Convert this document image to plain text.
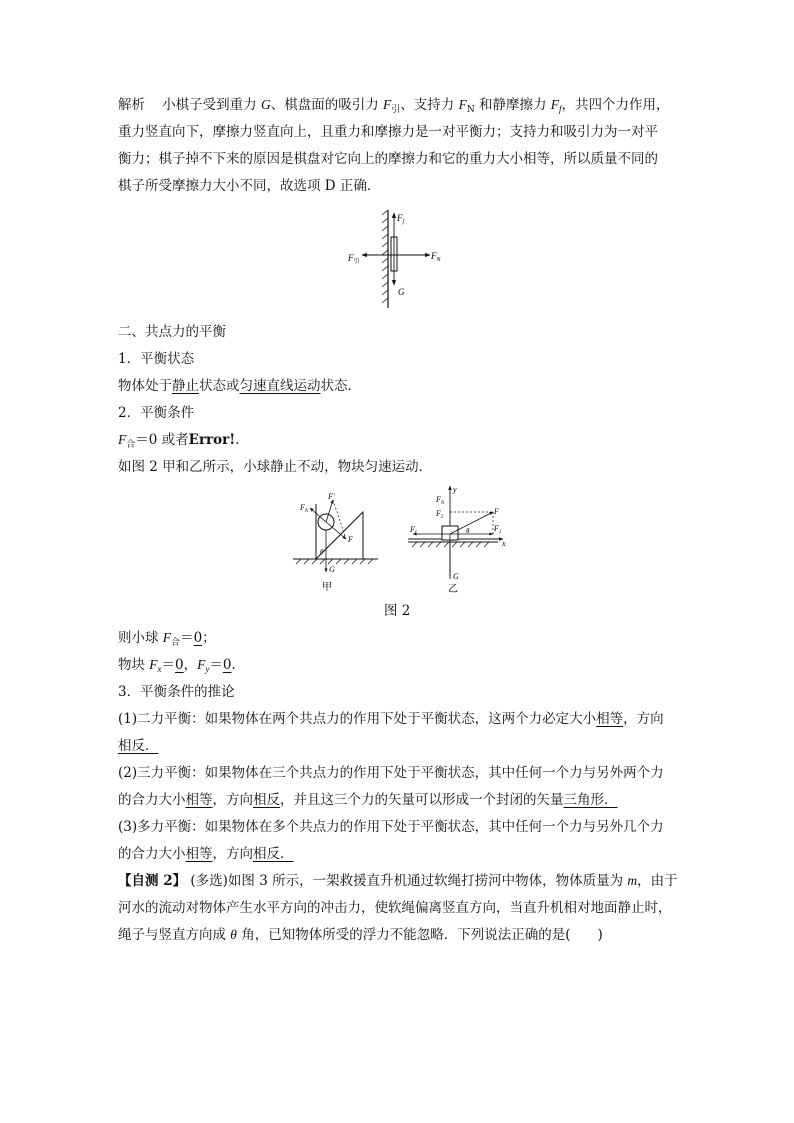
解析 小棋子受到重力 G、棋盘面的吸引力 $F_引$、支持力 $F_N$ 和静摩擦力 $F_f$，共四个力作用，
重力竖直向下，摩擦力竖直向上，且重力和摩擦力是一对平衡力；支持力和吸引力为一对平
衡力；棋子掉不下来的原因是棋盘对它向上的摩擦力和它的重力大小相等，所以质量不同的
棋子所受摩擦力大小不同，故选项 D 正确．
$F_f$
$F_N$
$F_引$
G
二、共点力的平衡
1．平衡状态
物体处于静止状态或匀速直线运动状态．
2．平衡条件
$F_合=0$ 或者Error!．
如图 2 甲和乙所示，小球静止不动，物块匀速运动．
$F_N$
F′
F
θ
G
甲
y
x
$F_N$
$F_2$
F
$F_f$
$F_1$
θ
G
乙
图 2
则小球 $F_合=0$；
物块 $F_x=0$，$F_y=0$.
3．平衡条件的推论
(1)二力平衡：如果物体在两个共点力的作用下处于平衡状态，这两个力必定大小相等，方向
相反．
(2)三力平衡：如果物体在三个共点力的作用下处于平衡状态，其中任何一个力与另外两个力
的合力大小相等，方向相反，并且这三个力的矢量可以形成一个封闭的矢量三角形．
(3)多力平衡：如果物体在多个共点力的作用下处于平衡状态，其中任何一个力与另外几个力
的合力大小相等，方向相反．
【自测 2】 (多选)如图 3 所示，一架救援直升机通过软绳打捞河中物体，物体质量为 m，由于
河水的流动对物体产生水平方向的冲击力，使软绳偏离竖直方向，当直升机相对地面静止时，
绳子与竖直方向成 θ 角，已知物体所受的浮力不能忽略．下列说法正确的是(　　)
